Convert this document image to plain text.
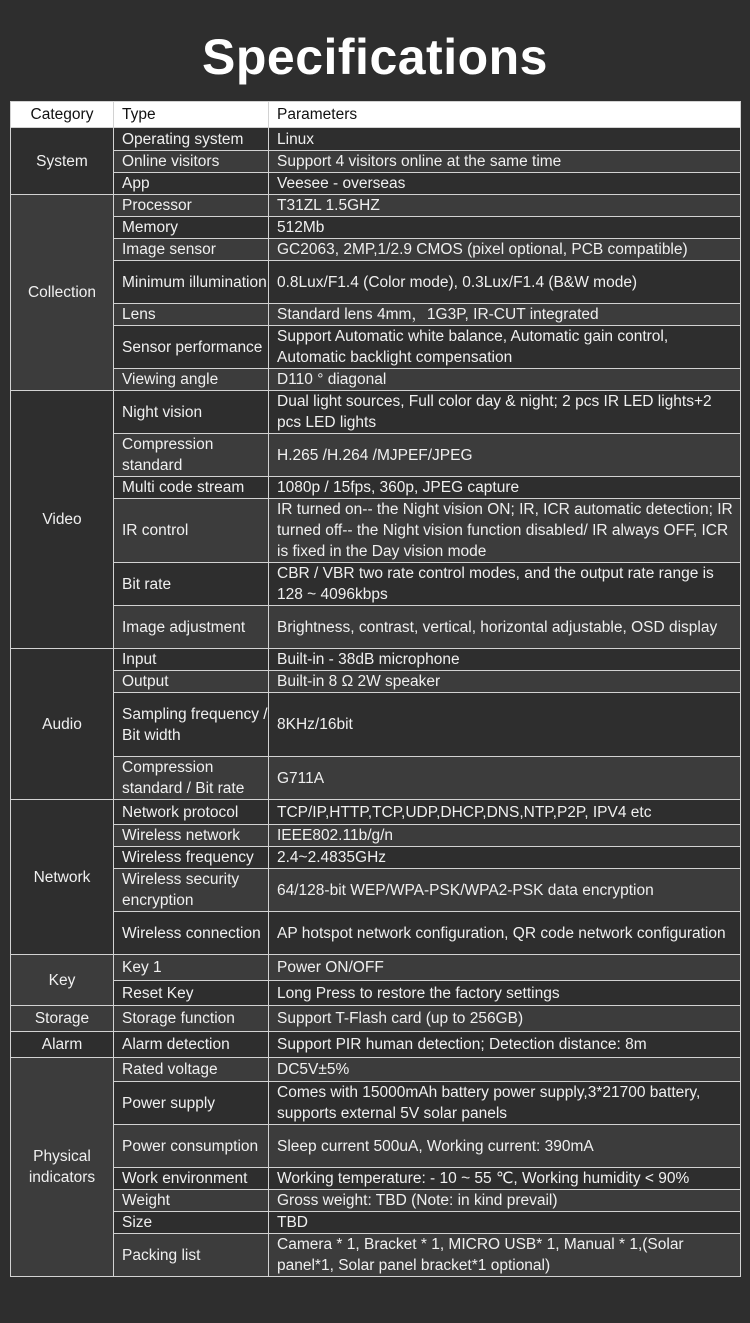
Specifications
Category	Type	Parameters
System	Operating system	Linux
	Online visitors	Support 4 visitors online at the same time
	App	Veesee - overseas
Collection	Processor	T31ZL 1.5GHZ
	Memory	512Mb
	Image sensor	GC2063, 2MP,1/2.9 CMOS (pixel optional, PCB compatible)
	Minimum illumination	0.8Lux/F1.4 (Color mode), 0.3Lux/F1.4 (B&W mode)
	Lens	Standard lens 4mm，1G3P, IR-CUT integrated
	Sensor performance	Support Automatic white balance, Automatic gain control, Automatic backlight compensation
	Viewing angle	D110 ° diagonal
Video	Night vision	Dual light sources, Full color day & night; 2 pcs IR LED lights+2 pcs LED lights
	Compression standard	H.265 /H.264 /MJPEF/JPEG
	Multi code stream	1080p / 15fps, 360p, JPEG capture
	IR control	IR turned on-- the Night vision ON; IR, ICR automatic detection; IR turned off-- the Night vision function disabled/ IR always OFF, ICR is fixed in the Day vision mode
	Bit rate	CBR / VBR two rate control modes, and the output rate range is 128 ~ 4096kbps
	Image adjustment	Brightness, contrast, vertical, horizontal adjustable, OSD display
Audio	Input	Built-in - 38dB microphone
	Output	Built-in 8 Ω 2W speaker
	Sampling frequency / Bit width	8KHz/16bit
	Compression standard / Bit rate	G711A
Network	Network protocol	TCP/IP,HTTP,TCP,UDP,DHCP,DNS,NTP,P2P, IPV4 etc
	Wireless network	IEEE802.11b/g/n
	Wireless frequency	2.4~2.4835GHz
	Wireless security encryption	64/128-bit WEP/WPA-PSK/WPA2-PSK data encryption
	Wireless connection	AP hotspot network configuration, QR code network configuration
Key	Key 1	Power ON/OFF
	Reset Key	Long Press to restore the factory settings
Storage	Storage function	Support T-Flash card (up to 256GB)
Alarm	Alarm detection	Support PIR human detection; Detection distance: 8m
Physical indicators	Rated voltage	DC5V±5%
	Power supply	Comes with 15000mAh battery power supply,3*21700 battery, supports external 5V solar panels
	Power consumption	Sleep current 500uA, Working current: 390mA
	Work environment	Working temperature: - 10 ~ 55 ℃, Working humidity < 90%
	Weight	Gross weight: TBD (Note: in kind prevail)
	Size	TBD
	Packing list	Camera * 1, Bracket * 1, MICRO USB* 1, Manual * 1,(Solar panel*1, Solar panel bracket*1 optional)
